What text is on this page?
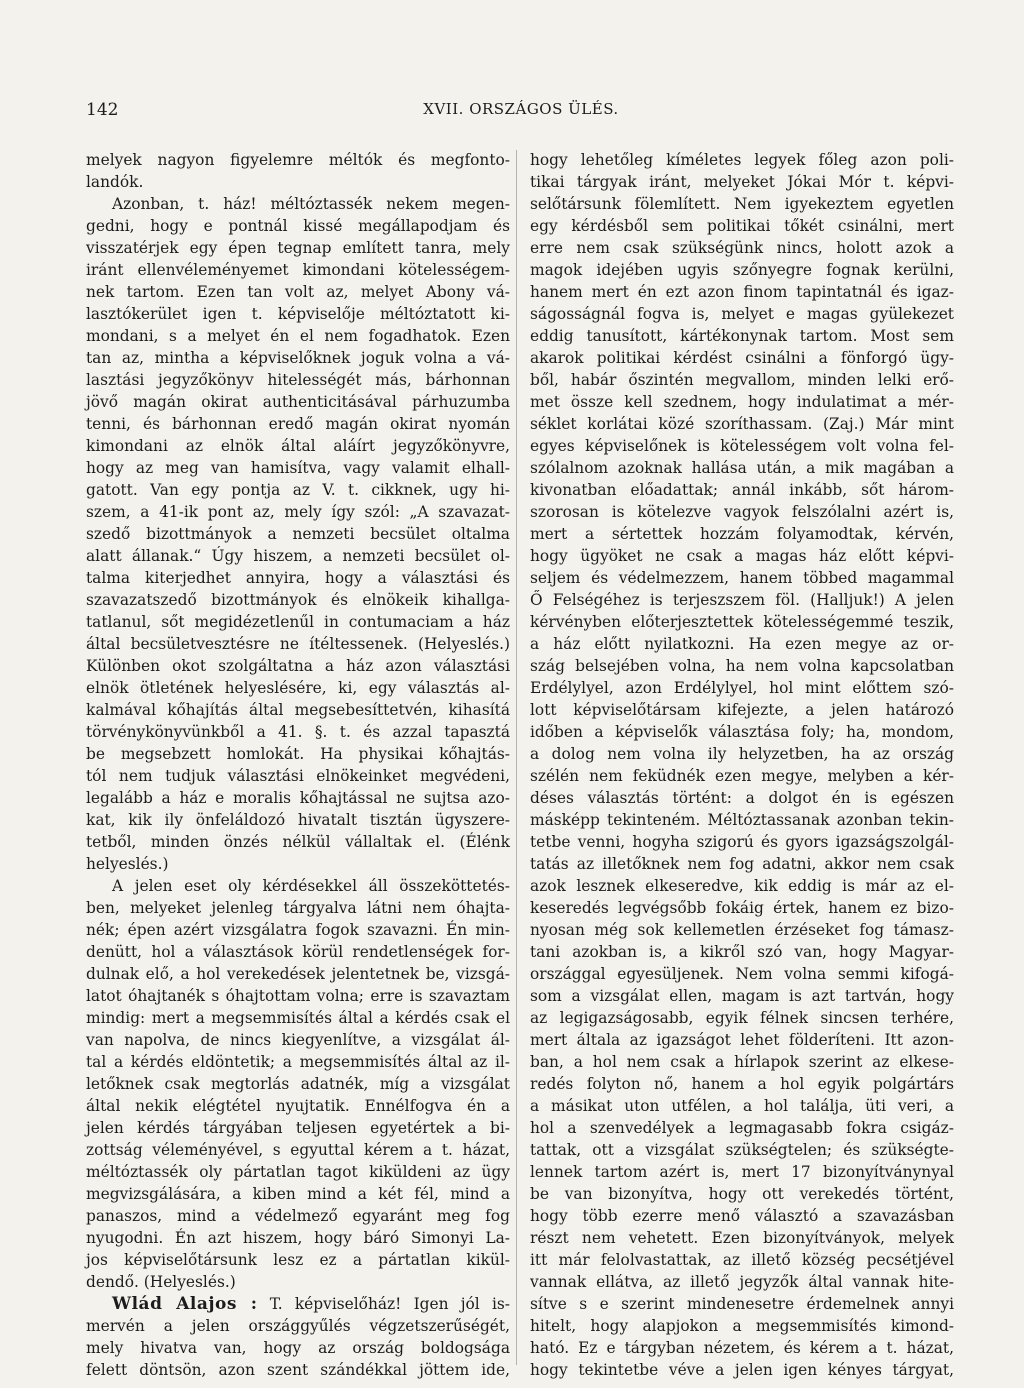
142	XVII. ORSZÁGOS ÜLÉS.
melyek nagyon figyelemre méltók és megfonto-
landók.
Azonban, t. ház! méltóztassék nekem megen-
gedni, hogy e pontnál kissé megállapodjam és
visszatérjek egy épen tegnap említett tanra, mely
iránt ellenvéleményemet kimondani kötelességem-
nek tartom. Ezen tan volt az, melyet Abony vá-
lasztókerület igen t. képviselője méltóztatott ki-
mondani, s a melyet én el nem fogadhatok. Ezen
tan az, mintha a képviselőknek joguk volna a vá-
lasztási jegyzőkönyv hitelességét más, bárhonnan
jövő magán okirat authenticitásával párhuzumba
tenni, és bárhonnan eredő magán okirat nyomán
kimondani az elnök által aláírt jegyzőkönyvre,
hogy az meg van hamisítva, vagy valamit elhall-
gatott. Van egy pontja az V. t. cikknek, ugy hi-
szem, a 41-ik pont az, mely így szól: „A szavazat-
szedő bizottmányok a nemzeti becsület oltalma
alatt állanak.“ Úgy hiszem, a nemzeti becsület ol-
talma kiterjedhet annyira, hogy a választási és
szavazatszedő bizottmányok és elnökeik kihallga-
tatlanul, sőt megidézetlenűl in contumaciam a ház
által becsületvesztésre ne ítéltessenek. (Helyeslés.)
Különben okot szolgáltatna a ház azon választási
elnök ötletének helyeslésére, ki, egy választás al-
kalmával kőhajítás által megsebesíttetvén, kihasítá
törvénykönyvünkből a 41. §. t. és azzal tapasztá
be megsebzett homlokát. Ha physikai kőhajtás-
tól nem tudjuk választási elnökeinket megvédeni,
legalább a ház e moralis kőhajtással ne sujtsa azo-
kat, kik ily önfeláldozó hivatalt tisztán ügyszere-
tetből, minden önzés nélkül vállaltak el. (Élénk
helyeslés.)
A jelen eset oly kérdésekkel áll összeköttetés-
ben, melyeket jelenleg tárgyalva látni nem óhajta-
nék; épen azért vizsgálatra fogok szavazni. Én min-
denütt, hol a választások körül rendetlenségek for-
dulnak elő, a hol verekedések jelentetnek be, vizsgá-
latot óhajtanék s óhajtottam volna; erre is szavaztam
mindig: mert a megsemmisítés által a kérdés csak el
van napolva, de nincs kiegyenlítve, a vizsgálat ál-
tal a kérdés eldöntetik; a megsemmisítés által az il-
letőknek csak megtorlás adatnék, míg a vizsgálat
által nekik elégtétel nyujtatik. Ennélfogva én a
jelen kérdés tárgyában teljesen egyetértek a bi-
zottság véleményével, s egyuttal kérem a t. házat,
méltóztassék oly pártatlan tagot kiküldeni az ügy
megvizsgálására, a kiben mind a két fél, mind a
panaszos, mind a védelmező egyaránt meg fog
nyugodni. Én azt hiszem, hogy báró Simonyi La-
jos képviselőtársunk lesz ez a pártatlan kikül-
dendő. (Helyeslés.)
Wlád Alajos : T. képviselőház! Igen jól is-
mervén a jelen országgyűlés végzetszerűségét,
mely hivatva van, hogy az ország boldogsága
felett döntsön, azon szent szándékkal jöttem ide,
hogy lehetőleg kíméletes legyek főleg azon poli-
tikai tárgyak iránt, melyeket Jókai Mór t. képvi-
selőtársunk fölemlített. Nem igyekeztem egyetlen
egy kérdésből sem politikai tőkét csinálni, mert
erre nem csak szükségünk nincs, holott azok a
magok idejében ugyis szőnyegre fognak kerülni,
hanem mert én ezt azon finom tapintatnál és igaz-
ságosságnál fogva is, melyet e magas gyülekezet
eddig tanusított, kártékonynak tartom. Most sem
akarok politikai kérdést csinálni a fönforgó ügy-
ből, habár őszintén megvallom, minden lelki erő-
met össze kell szednem, hogy indulatimat a mér-
séklet korlátai közé szoríthassam. (Zaj.) Már mint
egyes képviselőnek is kötelességem volt volna fel-
szólalnom azoknak hallása után, a mik magában a
kivonatban előadattak; annál inkább, sőt három-
szorosan is kötelezve vagyok felszólalni azért is,
mert a sértettek hozzám folyamodtak, kérvén,
hogy ügyöket ne csak a magas ház előtt képvi-
seljem és védelmezzem, hanem többed magammal
Ő Felségéhez is terjeszszem föl. (Halljuk!) A jelen
kérvényben előterjesztettek kötelességemmé teszik,
a ház előtt nyilatkozni. Ha ezen megye az or-
szág belsejében volna, ha nem volna kapcsolatban
Erdélylyel, azon Erdélylyel, hol mint előttem szó-
lott képviselőtársam kifejezte, a jelen határozó
időben a képviselők választása foly; ha, mondom,
a dolog nem volna ily helyzetben, ha az ország
szélén nem feküdnék ezen megye, melyben a kér-
déses választás történt: a dolgot én is egészen
másképp tekinteném. Méltóztassanak azonban tekin-
tetbe venni, hogyha szigorú és gyors igazságszolgál-
tatás az illetőknek nem fog adatni, akkor nem csak
azok lesznek elkeseredve, kik eddig is már az el-
keseredés legvégsőbb fokáig értek, hanem ez bizo-
nyosan még sok kellemetlen érzéseket fog támasz-
tani azokban is, a kikről szó van, hogy Magyar-
országgal egyesüljenek. Nem volna semmi kifogá-
som a vizsgálat ellen, magam is azt tartván, hogy
az legigazságosabb, egyik félnek sincsen terhére,
mert általa az igazságot lehet földeríteni. Itt azon-
ban, a hol nem csak a hírlapok szerint az elkese-
redés folyton nő, hanem a hol egyik polgártárs
a másikat uton utfélen, a hol találja, üti veri, a
hol a szenvedélyek a legmagasabb fokra csigáz-
tattak, ott a vizsgálat szükségtelen; és szükségte-
lennek tartom azért is, mert 17 bizonyítványnyal
be van bizonyítva, hogy ott verekedés történt,
hogy több ezerre menő választó a szavazásban
részt nem vehetett. Ezen bizonyítványok, melyek
itt már felolvastattak, az illető község pecsétjével
vannak ellátva, az illető jegyzők által vannak hite-
sítve s e szerint mindenesetre érdemelnek annyi
hitelt, hogy alapjokon a megsemmisítés kimond-
ható. Ez e tárgyban nézetem, és kérem a t. házat,
hogy tekintetbe véve a jelen igen kényes tárgyat,
